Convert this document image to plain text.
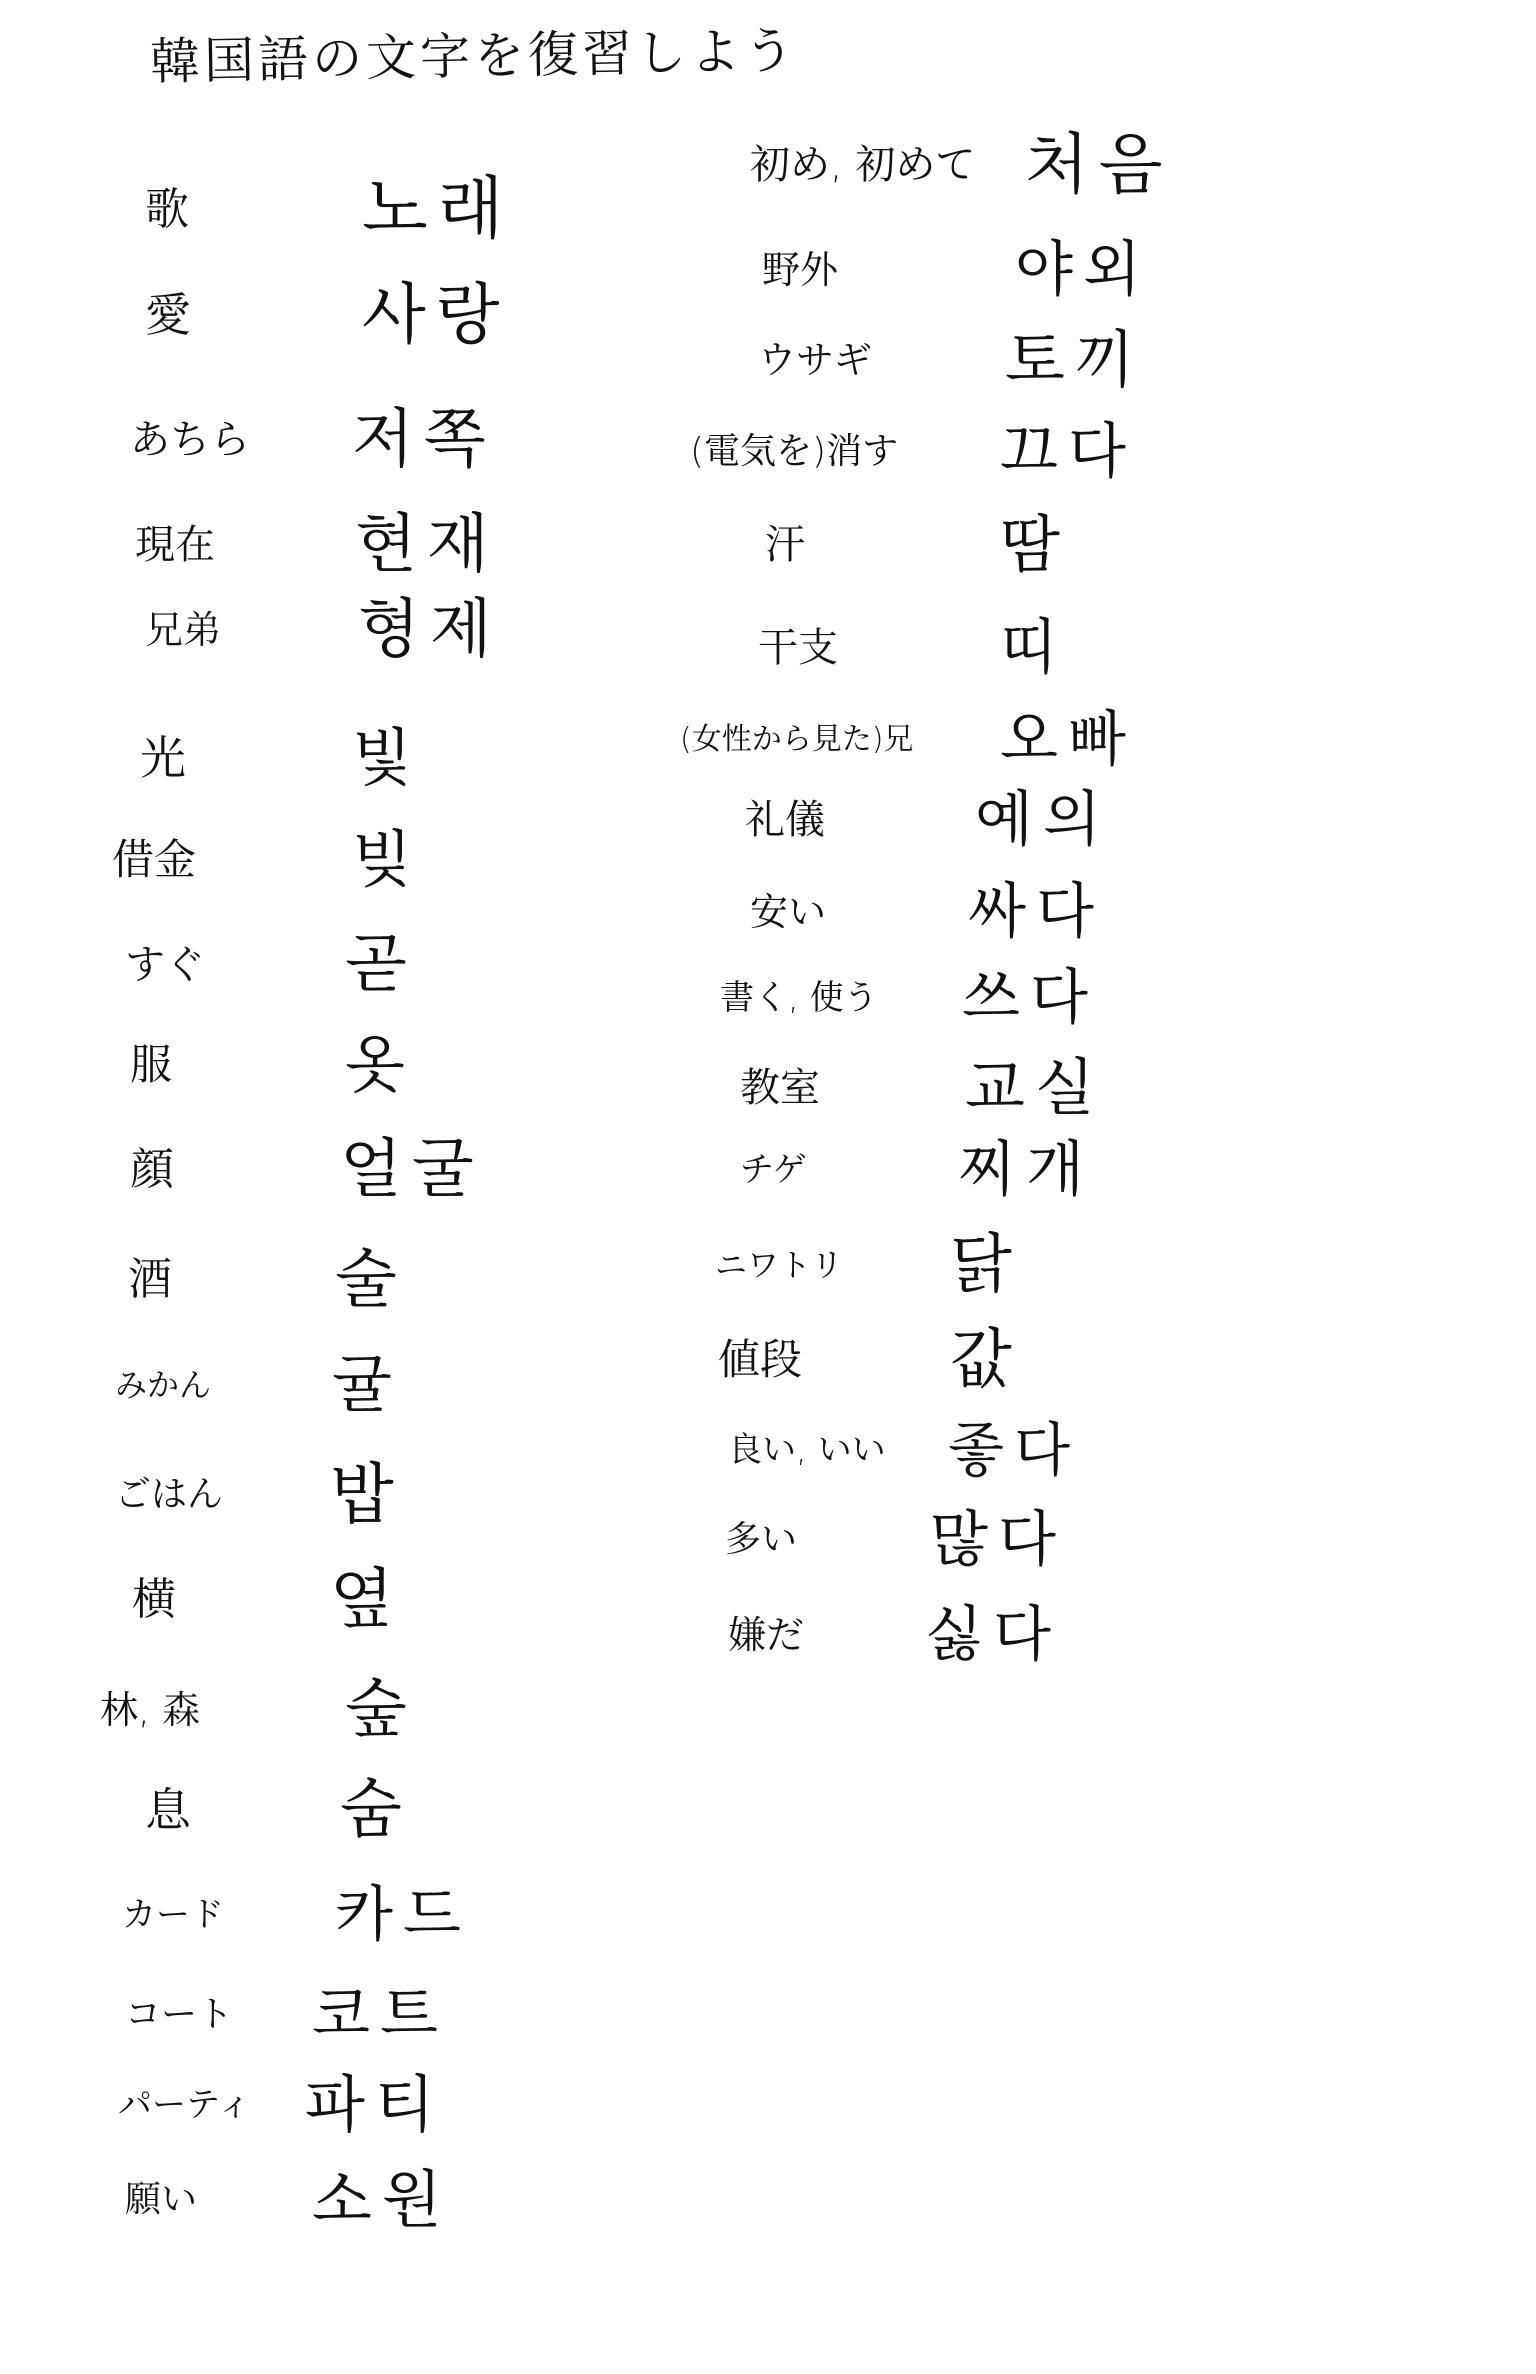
韓国語の文字を復習しよう
歌	노래
愛	사랑
あちら 저쪽
現在 현재
兄弟 형제
光	빛
借金	빚
すぐ 곧
服	옷
顔	얼굴
酒	술
みかん 귤
ごはん 밥
横 옆
林, 森 숲
息 숨
カード 카드
コート 코트
パーティ 파티
願い 소원
初め, 初めて 처음
野外	야외
ウサギ 토끼
(電気を)消す 끄다
汗	땀
干支	띠
(女性から見た)兄 오빠
礼儀	예의
安い 싸다
書く, 使う 쓰다
教室 교실
チゲ	찌개
ニワトリ 닭
値段 값
良い, いい 좋다
多い 많다
嫌だ 싫다
